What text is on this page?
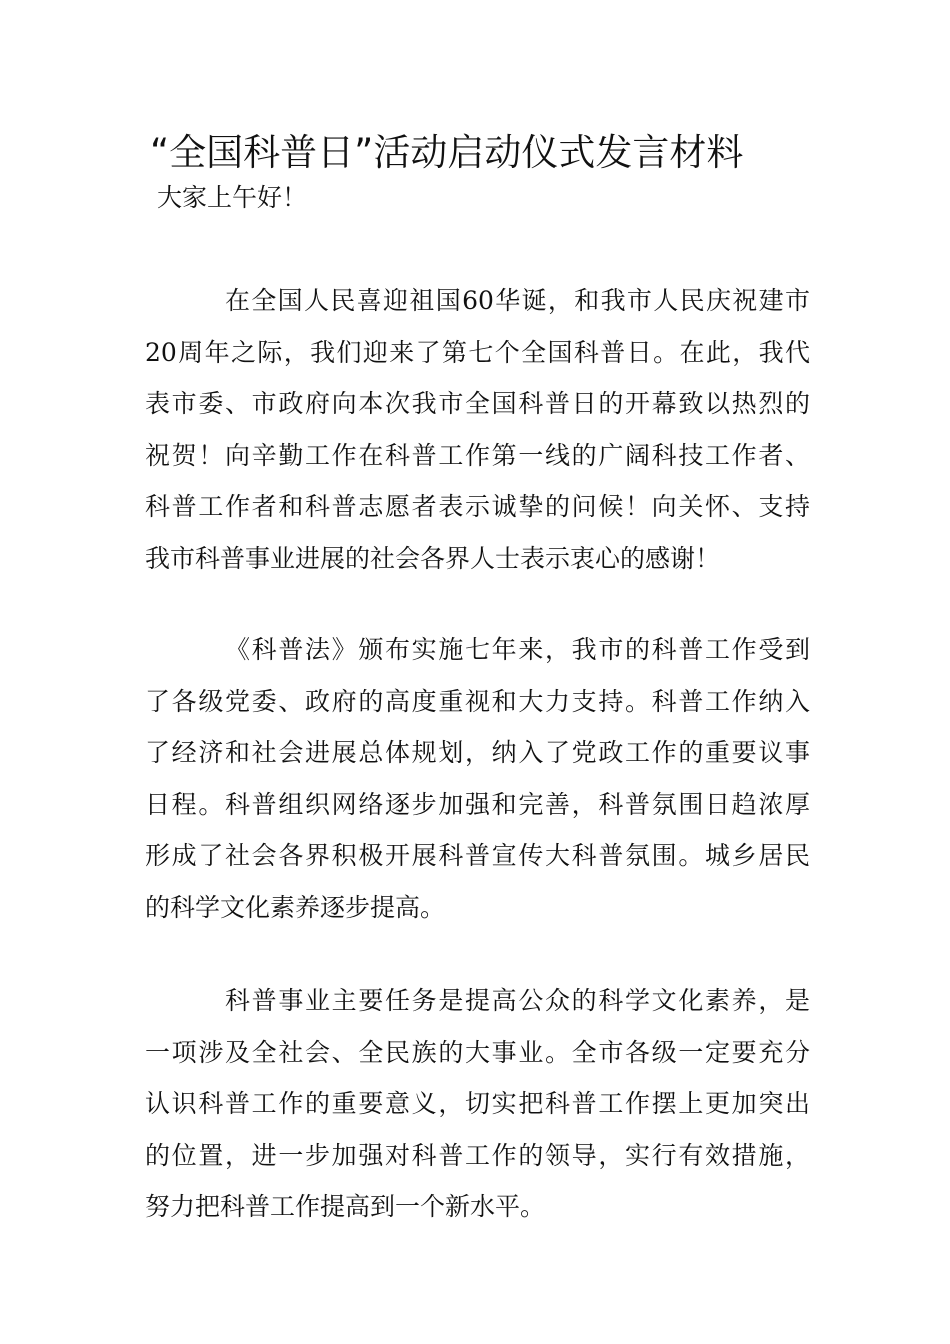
“全国科普日”活动启动仪式发言材料

大家上午好！

在全国人民喜迎祖国60华诞，和我市人民庆祝建市
20周年之际，我们迎来了第七个全国科普日。在此，我代
表市委、市政府向本次我市全国科普日的开幕致以热烈的
祝贺！向辛勤工作在科普工作第一线的广阔科技工作者、
科普工作者和科普志愿者表示诚挚的问候！向关怀、支持
我市科普事业进展的社会各界人士表示衷心的感谢！
《科普法》颁布实施七年来，我市的科普工作受到
了各级党委、政府的高度重视和大力支持。科普工作纳入
了经济和社会进展总体规划，纳入了党政工作的重要议事
日程。科普组织网络逐步加强和完善，科普氛围日趋浓厚
形成了社会各界积极开展科普宣传大科普氛围。城乡居民
的科学文化素养逐步提高。
科普事业主要任务是提高公众的科学文化素养，是
一项涉及全社会、全民族的大事业。全市各级一定要充分
认识科普工作的重要意义，切实把科普工作摆上更加突出
的位置，进一步加强对科普工作的领导，实行有效措施，
努力把科普工作提高到一个新水平。
